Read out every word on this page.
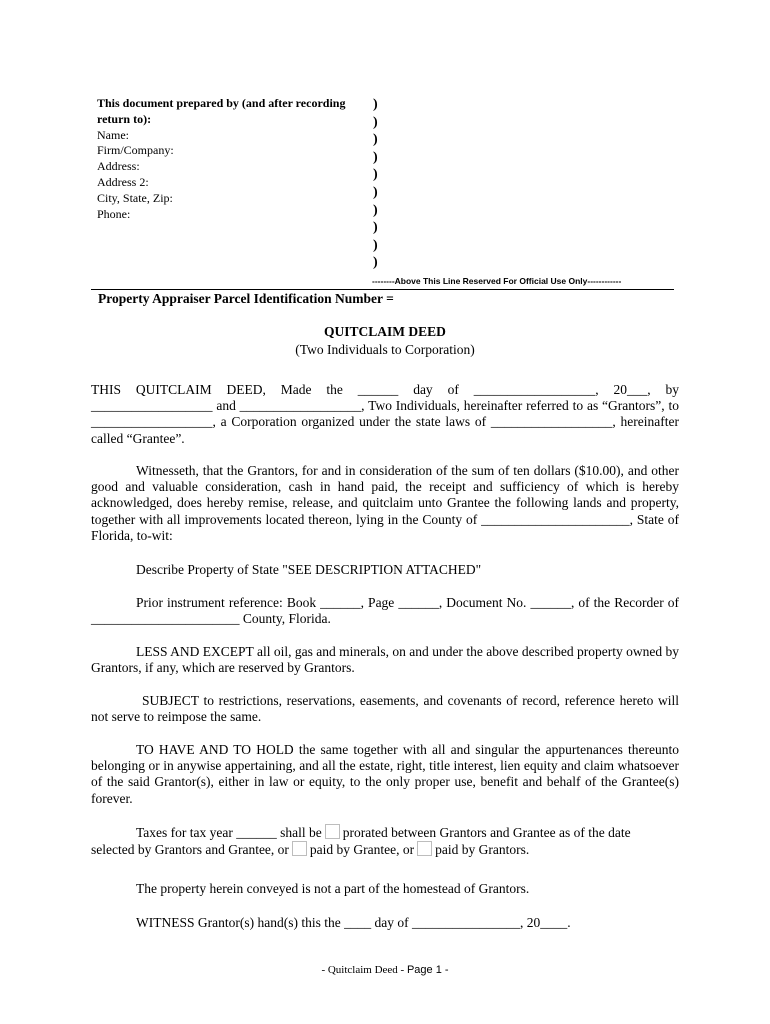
This document prepared by (and after recording
return to):
Name:
Firm/Company:
Address:
Address 2:
City, State, Zip:
Phone:
)
)
)
)
)
)
)
)
)
)
--------Above This Line Reserved For Official Use Only------------
Property Appraiser Parcel Identification Number =
QUITCLAIM DEED
(Two Individuals to Corporation)
THIS QUITCLAIM DEED, Made the ______ day of __________________, 20___, by __________________ and __________________, Two Individuals, hereinafter referred to as “Grantors”, to __________________, a Corporation organized under the state laws of __________________, hereinafter called “Grantee”.
Witnesseth, that the Grantors, for and in consideration of the sum of ten dollars ($10.00), and other good and valuable consideration, cash in hand paid, the receipt and sufficiency of which is hereby acknowledged, does hereby remise, release, and quitclaim unto Grantee the following lands and property, together with all improvements located thereon, lying in the County of ______________________, State of Florida, to-wit:
Describe Property of State "SEE DESCRIPTION ATTACHED"
Prior instrument reference: Book ______, Page ______, Document No. ______, of the Recorder of ______________________ County, Florida.
LESS AND EXCEPT all oil, gas and minerals, on and under the above described property owned by Grantors, if any, which are reserved by Grantors.
SUBJECT to restrictions, reservations, easements, and covenants of record, reference hereto will not serve to reimpose the same.
TO HAVE AND TO HOLD the same together with all and singular the appurtenances thereunto belonging or in anywise appertaining, and all the estate, right, title interest, lien equity and claim whatsoever of the said Grantor(s), either in law or equity, to the only proper use, benefit and behalf of the Grantee(s) forever.
Taxes for tax year ______ shall be prorated between Grantors and Grantee as of the date
selected by Grantors and Grantee, or paid by Grantee, or paid by Grantors.
The property herein conveyed is not a part of the homestead of Grantors.
WITNESS Grantor(s) hand(s) this the ____ day of ________________, 20____.
- Quitclaim Deed - Page 1 -
